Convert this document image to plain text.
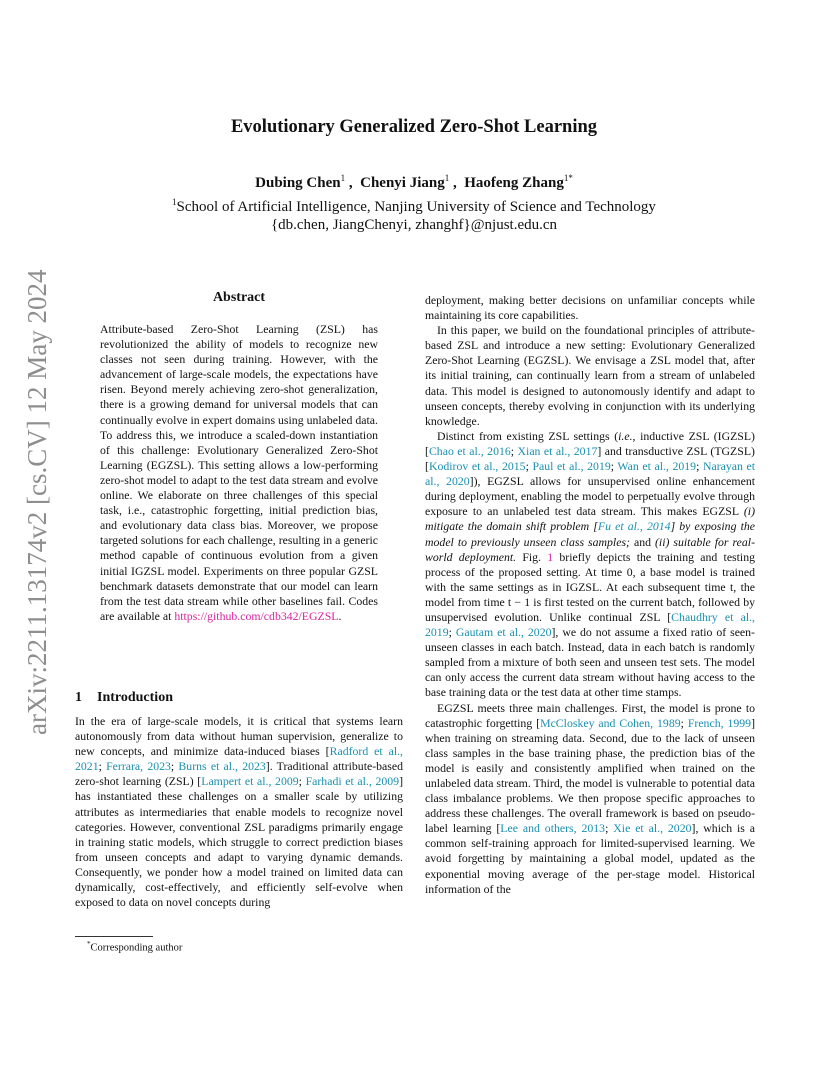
arXiv:2211.13174v2 [cs.CV] 12 May 2024
Evolutionary Generalized Zero-Shot Learning
Dubing Chen$^1$ ,  Chenyi Jiang$^1$ ,  Haofeng Zhang$^{1*}$
$^1$School of Artificial Intelligence, Nanjing University of Science and Technology
{db.chen, JiangChenyi, zhanghf}@njust.edu.cn
Abstract
Attribute-based Zero-Shot Learning (ZSL) has revolutionized the ability of models to recognize new classes not seen during training. However, with the advancement of large-scale models, the expectations have risen. Beyond merely achieving zero-shot generalization, there is a growing demand for universal models that can continually evolve in expert domains using unlabeled data. To address this, we introduce a scaled-down instantiation of this challenge: Evolutionary Generalized Zero-Shot Learning (EGZSL). This setting allows a low-performing zero-shot model to adapt to the test data stream and evolve online. We elaborate on three challenges of this special task, i.e., catastrophic forgetting, initial prediction bias, and evolutionary data class bias. Moreover, we propose targeted solutions for each challenge, resulting in a generic method capable of continuous evolution from a given initial IGZSL model. Experiments on three popular GZSL benchmark datasets demonstrate that our model can learn from the test data stream while other baselines fail. Codes are available at https://github.com/cdb342/EGZSL.
1 Introduction
In the era of large-scale models, it is critical that systems learn autonomously from data without human supervision, generalize to new concepts, and minimize data-induced biases [Radford et al., 2021; Ferrara, 2023; Burns et al., 2023]. Traditional attribute-based zero-shot learning (ZSL) [Lampert et al., 2009; Farhadi et al., 2009] has instantiated these challenges on a smaller scale by utilizing attributes as intermediaries that enable models to recognize novel categories. However, conventional ZSL paradigms primarily engage in training static models, which struggle to correct prediction biases from unseen concepts and adapt to varying dynamic demands. Consequently, we ponder how a model trained on limited data can dynamically, cost-effectively, and efficiently self-evolve when exposed to data on novel concepts during

deployment, making better decisions on unfamiliar concepts while maintaining its core capabilities.

In this paper, we build on the foundational principles of attribute-based ZSL and introduce a new setting: Evolutionary Generalized Zero-Shot Learning (EGZSL). We envisage a ZSL model that, after its initial training, can continually learn from a stream of unlabeled data. This model is designed to autonomously identify and adapt to unseen concepts, thereby evolving in conjunction with its underlying knowledge.

Distinct from existing ZSL settings (i.e., inductive ZSL (IGZSL) [Chao et al., 2016; Xian et al., 2017] and transductive ZSL (TGZSL) [Kodirov et al., 2015; Paul et al., 2019; Wan et al., 2019; Narayan et al., 2020]), EGZSL allows for unsupervised online enhancement during deployment, enabling the model to perpetually evolve through exposure to an unlabeled test data stream. This makes EGZSL (i) mitigate the domain shift problem [Fu et al., 2014] by exposing the model to previously unseen class samples; and (ii) suitable for real-world deployment. Fig. 1 briefly depicts the training and testing process of the proposed setting. At time 0, a base model is trained with the same settings as in IGZSL. At each subsequent time t, the model from time t − 1 is first tested on the current batch, followed by unsupervised evolution. Unlike continual ZSL [Chaudhry et al., 2019; Gautam et al., 2020], we do not assume a fixed ratio of seen-unseen classes in each batch. Instead, data in each batch is randomly sampled from a mixture of both seen and unseen test sets. The model can only access the current data stream without having access to the base training data or the test data at other time stamps.

EGZSL meets three main challenges. First, the model is prone to catastrophic forgetting [McCloskey and Cohen, 1989; French, 1999] when training on streaming data. Second, due to the lack of unseen class samples in the base training phase, the prediction bias of the model is easily and consistently amplified when trained on the unlabeled data stream. Third, the model is vulnerable to potential data class imbalance problems. We then propose specific approaches to address these challenges. The overall framework is based on pseudo-label learning [Lee and others, 2013; Xie et al., 2020], which is a common self-training approach for limited-supervised learning. We avoid forgetting by maintaining a global model, updated as the exponential moving average of the per-stage model. Historical information of the

*Corresponding author
